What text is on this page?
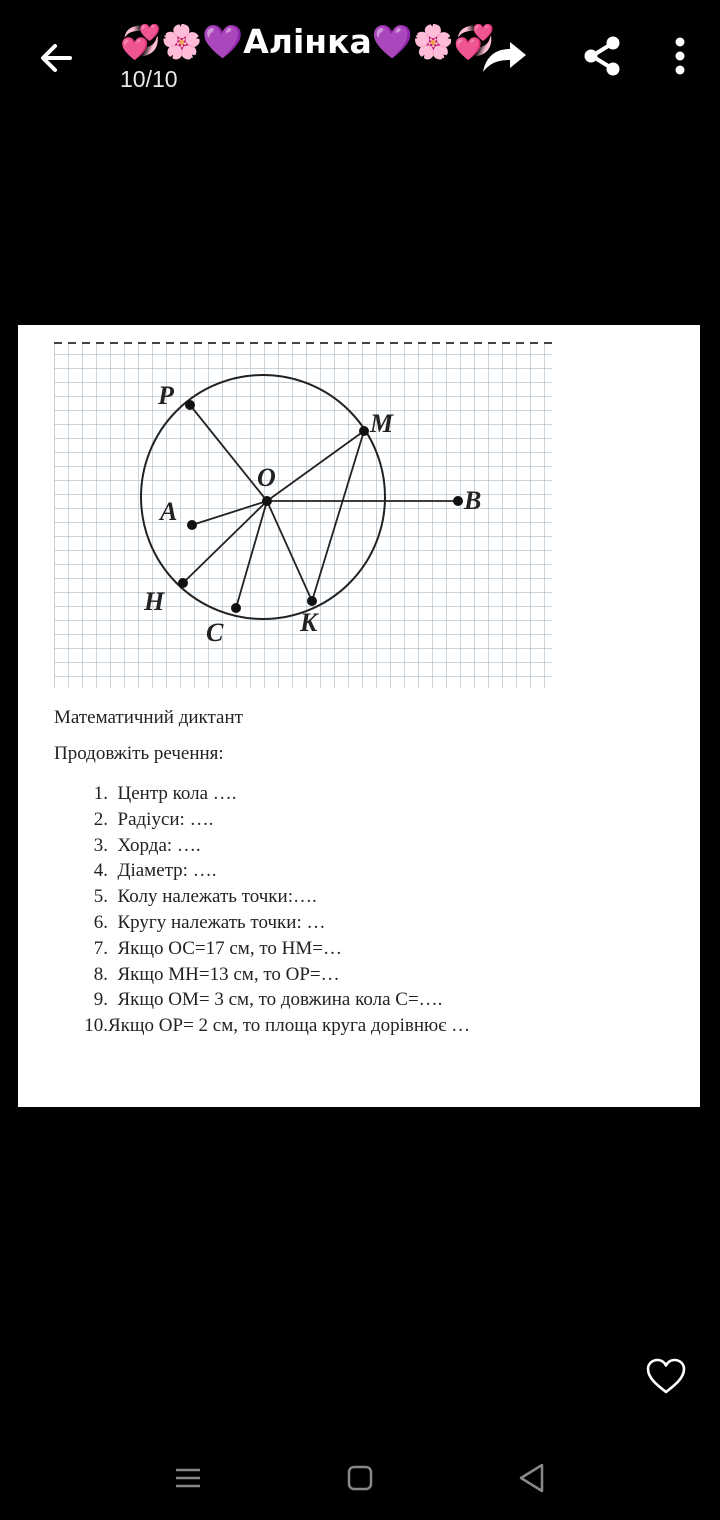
💞🌸💜Алінка💜🌸💞
10/10
P
M
O
A	B
H
C	K
Математичний диктант
Продовжіть речення:
1.
Центр кола ….
2.
Радіуси: ….
3.
Хорда: ….
4.
Діаметр: ….
5.
Колу належать точки:….
6.
Кругу належать точки: …
7.
Якщо ОС=17 см, то НМ=…
8.
Якщо МН=13 см, то ОР=…
9.
Якщо ОМ= 3 см, то довжина кола С=….
10. Якщо ОР= 2 см, то площа круга дорівнює …
